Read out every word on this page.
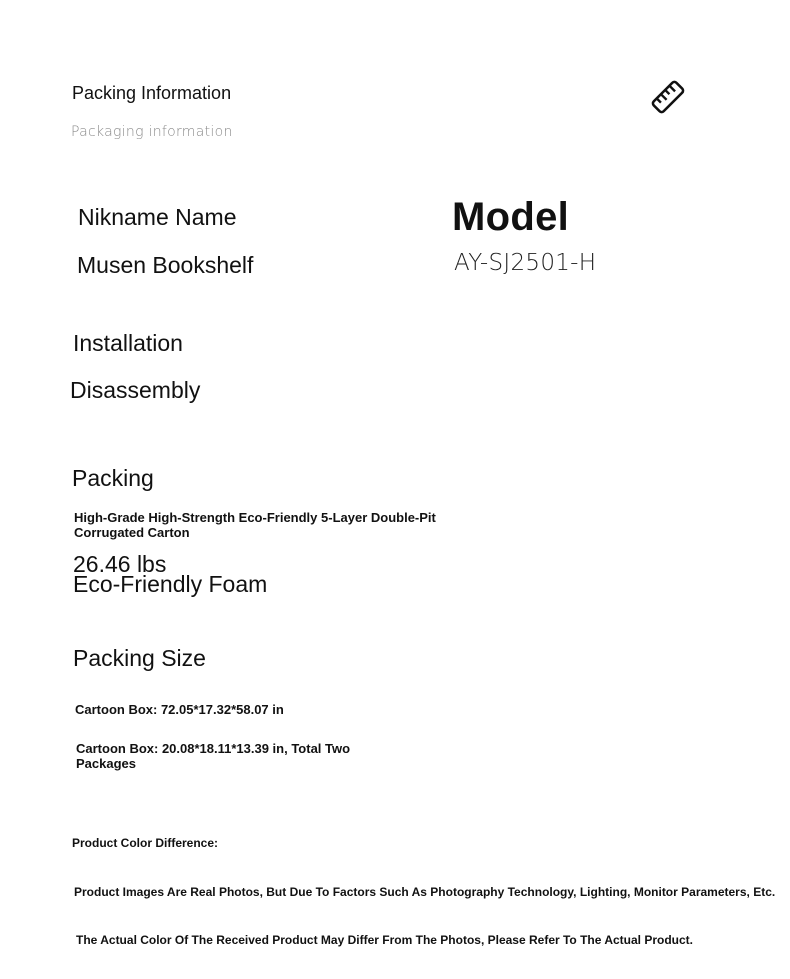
Packing Information
Packaging information
Nikname Name
Musen Bookshelf
Model
AY-SJ2501-H
Installation
Disassembly
Packing
High-Grade High-Strength Eco-Friendly 5-Layer Double-Pit Corrugated Carton
26.46 lbs
Eco-Friendly Foam
Packing Size
Cartoon Box: 72.05*17.32*58.07 in
Cartoon Box: 20.08*18.11*13.39 in, Total Two Packages
Product Color Difference:
Product Images Are Real Photos, But Due To Factors Such As Photography Technology, Lighting, Monitor Parameters, Etc.
The Actual Color Of The Received Product May Differ From The Photos, Please Refer To The Actual Product.
